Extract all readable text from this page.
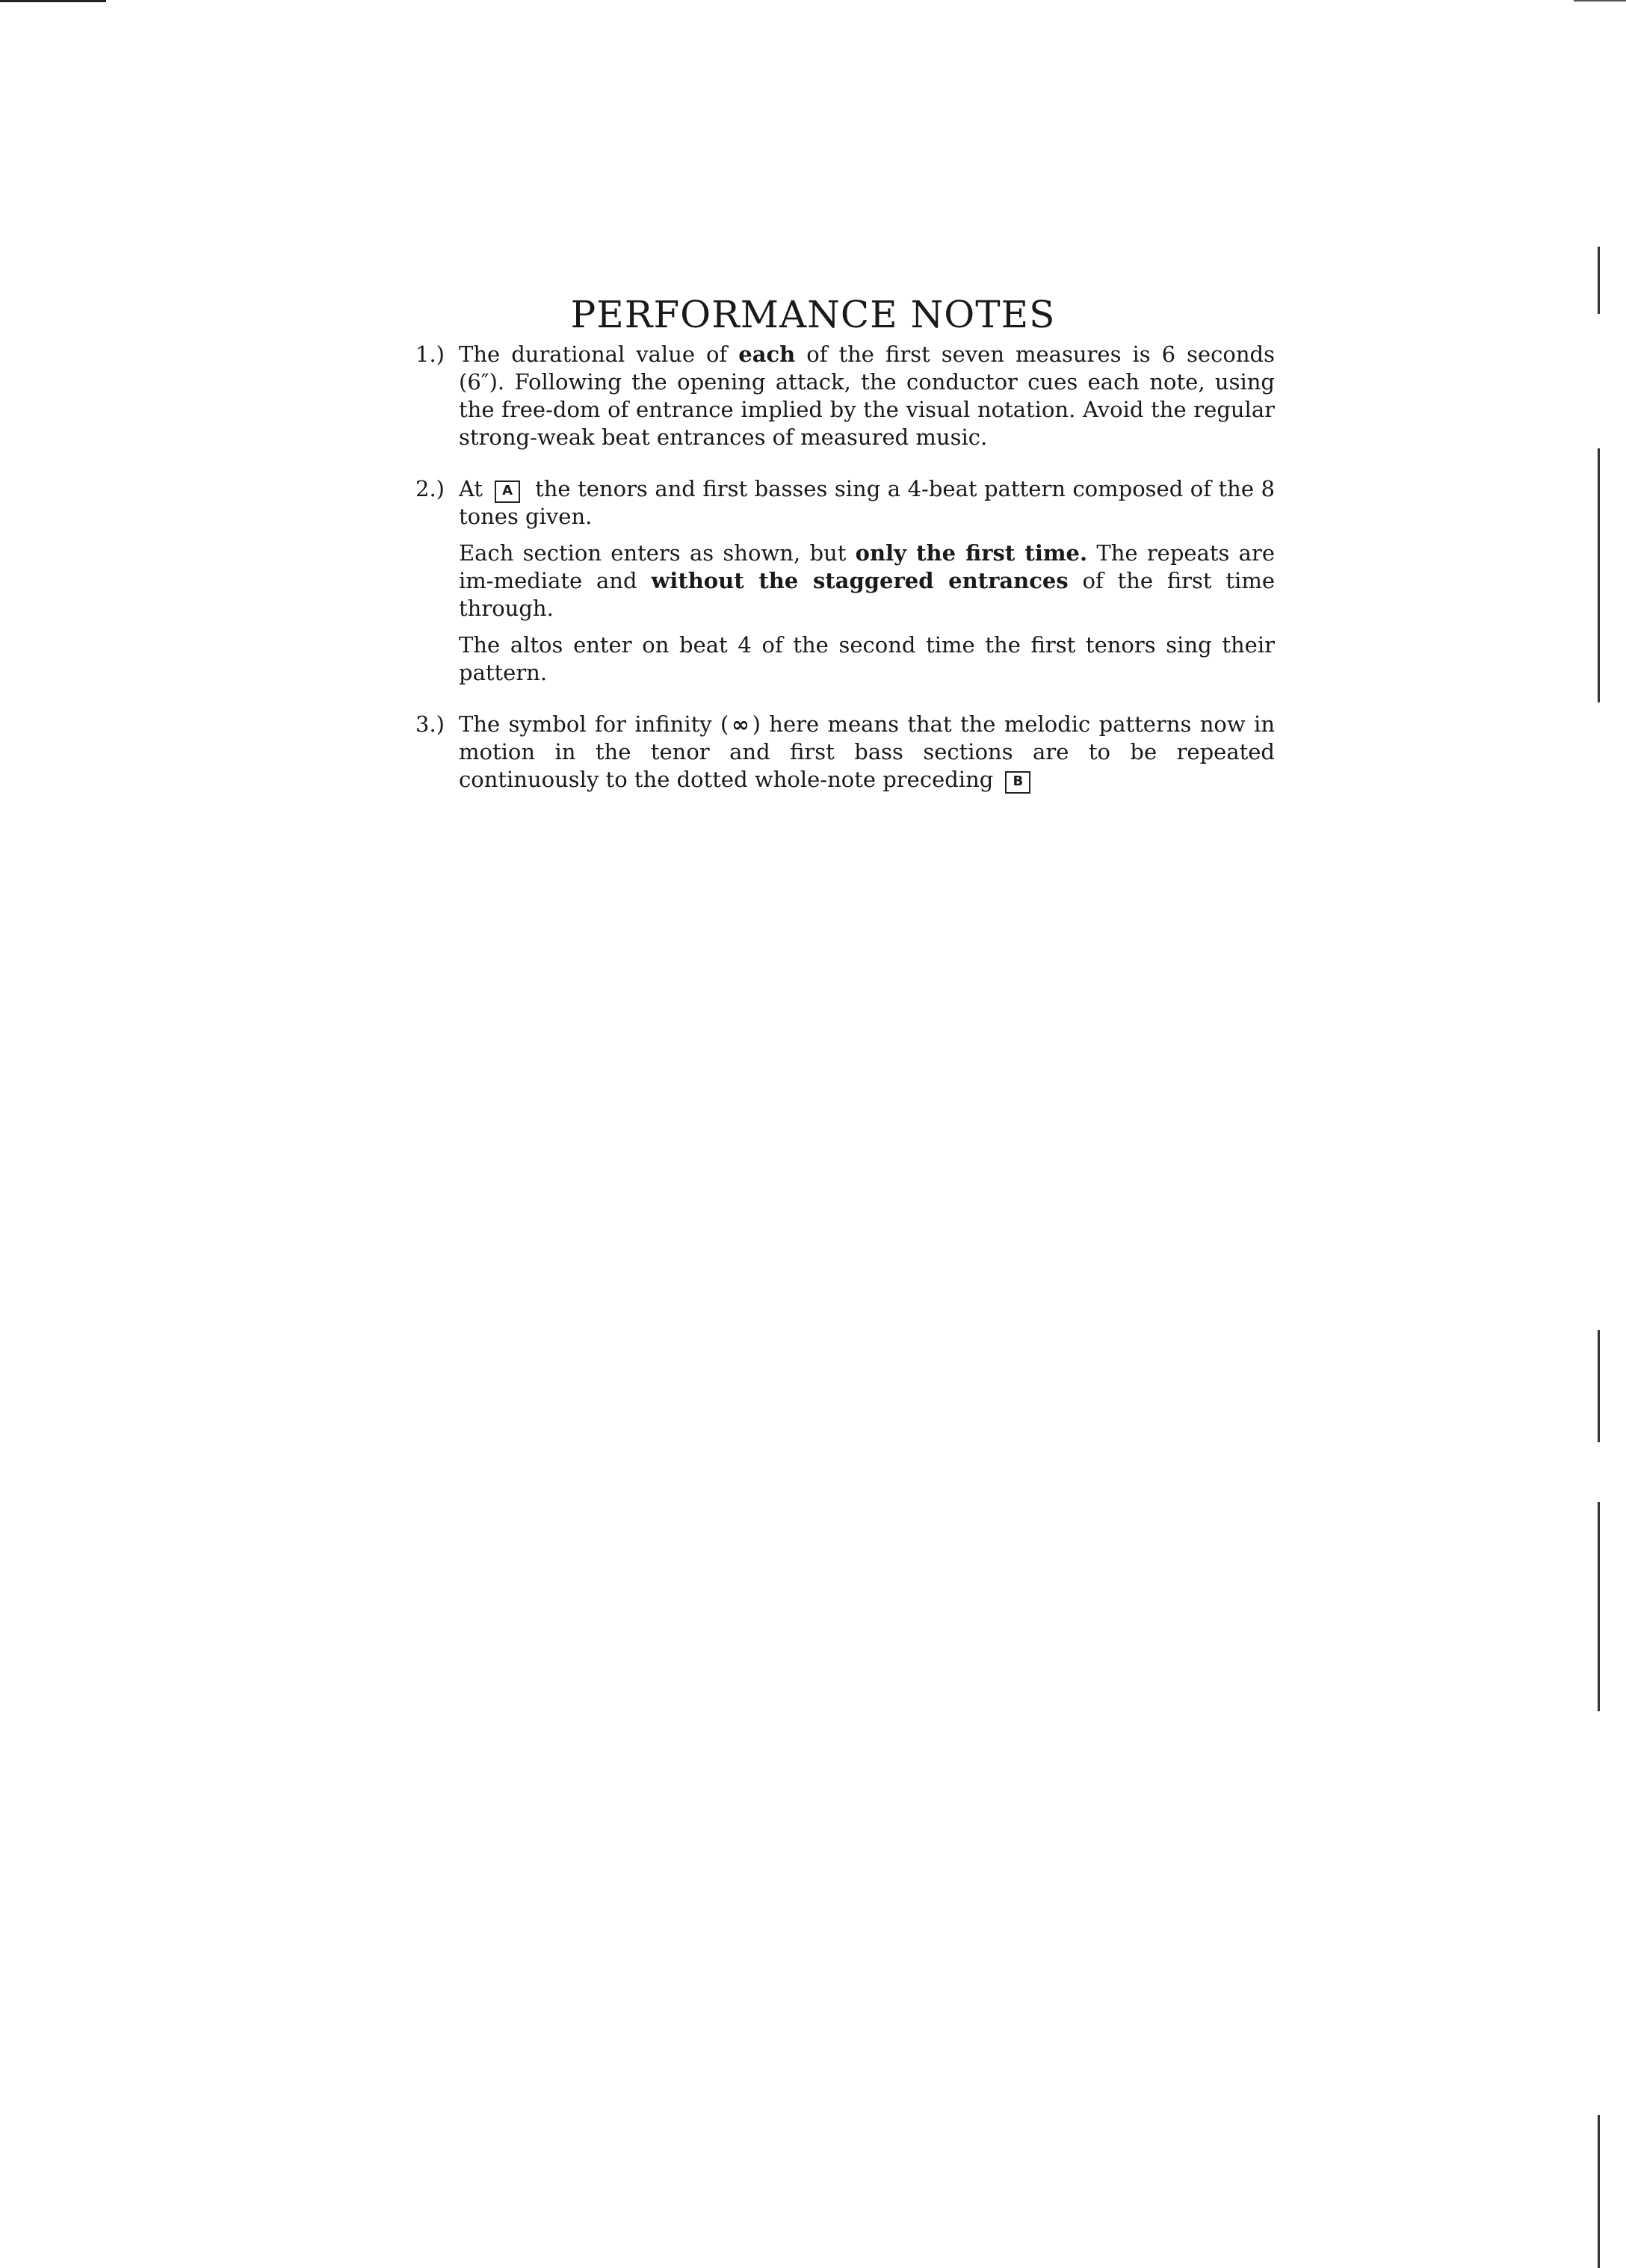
PERFORMANCE NOTES
1.) The durational value of each of the first seven measures is 6 seconds (6″). Following the opening attack, the conductor cues each note, using the free-dom of entrance implied by the visual notation. Avoid the regular strong-weak beat entrances of measured music.

2.) At A the tenors and first basses sing a 4-beat pattern composed of the 8 tones given.

Each section enters as shown, but only the first time. The repeats are im-mediate and without the staggered entrances of the first time through.

The altos enter on beat 4 of the second time the first tenors sing their pattern.

3.) The symbol for infinity ( ∞ ) here means that the melodic patterns now in motion in the tenor and first bass sections are to be repeated continuously to the dotted whole-note preceding B
